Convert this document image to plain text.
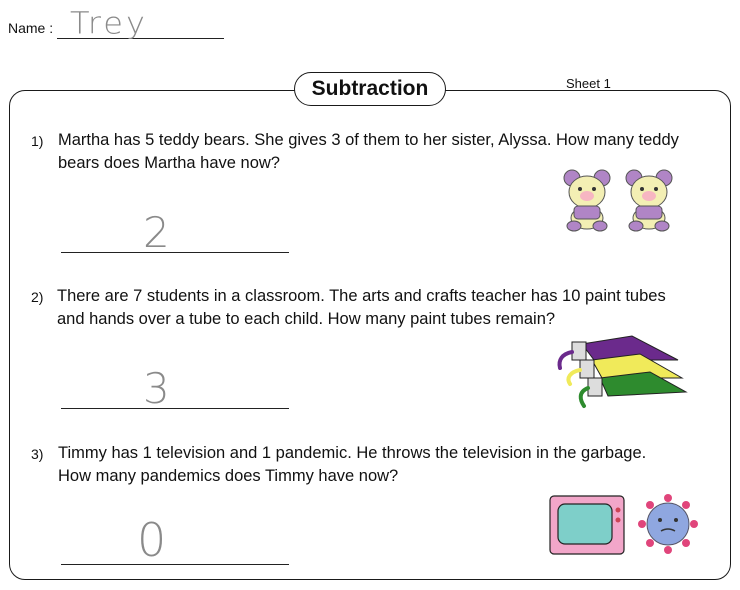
Name : Trey
Subtraction	Sheet 1
1) Martha has 5 teddy bears. She gives 3 of them to her sister, Alyssa. How many teddy
bears does Martha have now?
2
2) There are 7 students in a classroom. The arts and crafts teacher has 10 paint tubes
and hands over a tube to each child. How many paint tubes remain?
3
3) Timmy has 1 television and 1 pandemic. He throws the television in the garbage.
How many pandemics does Timmy have now?
0
